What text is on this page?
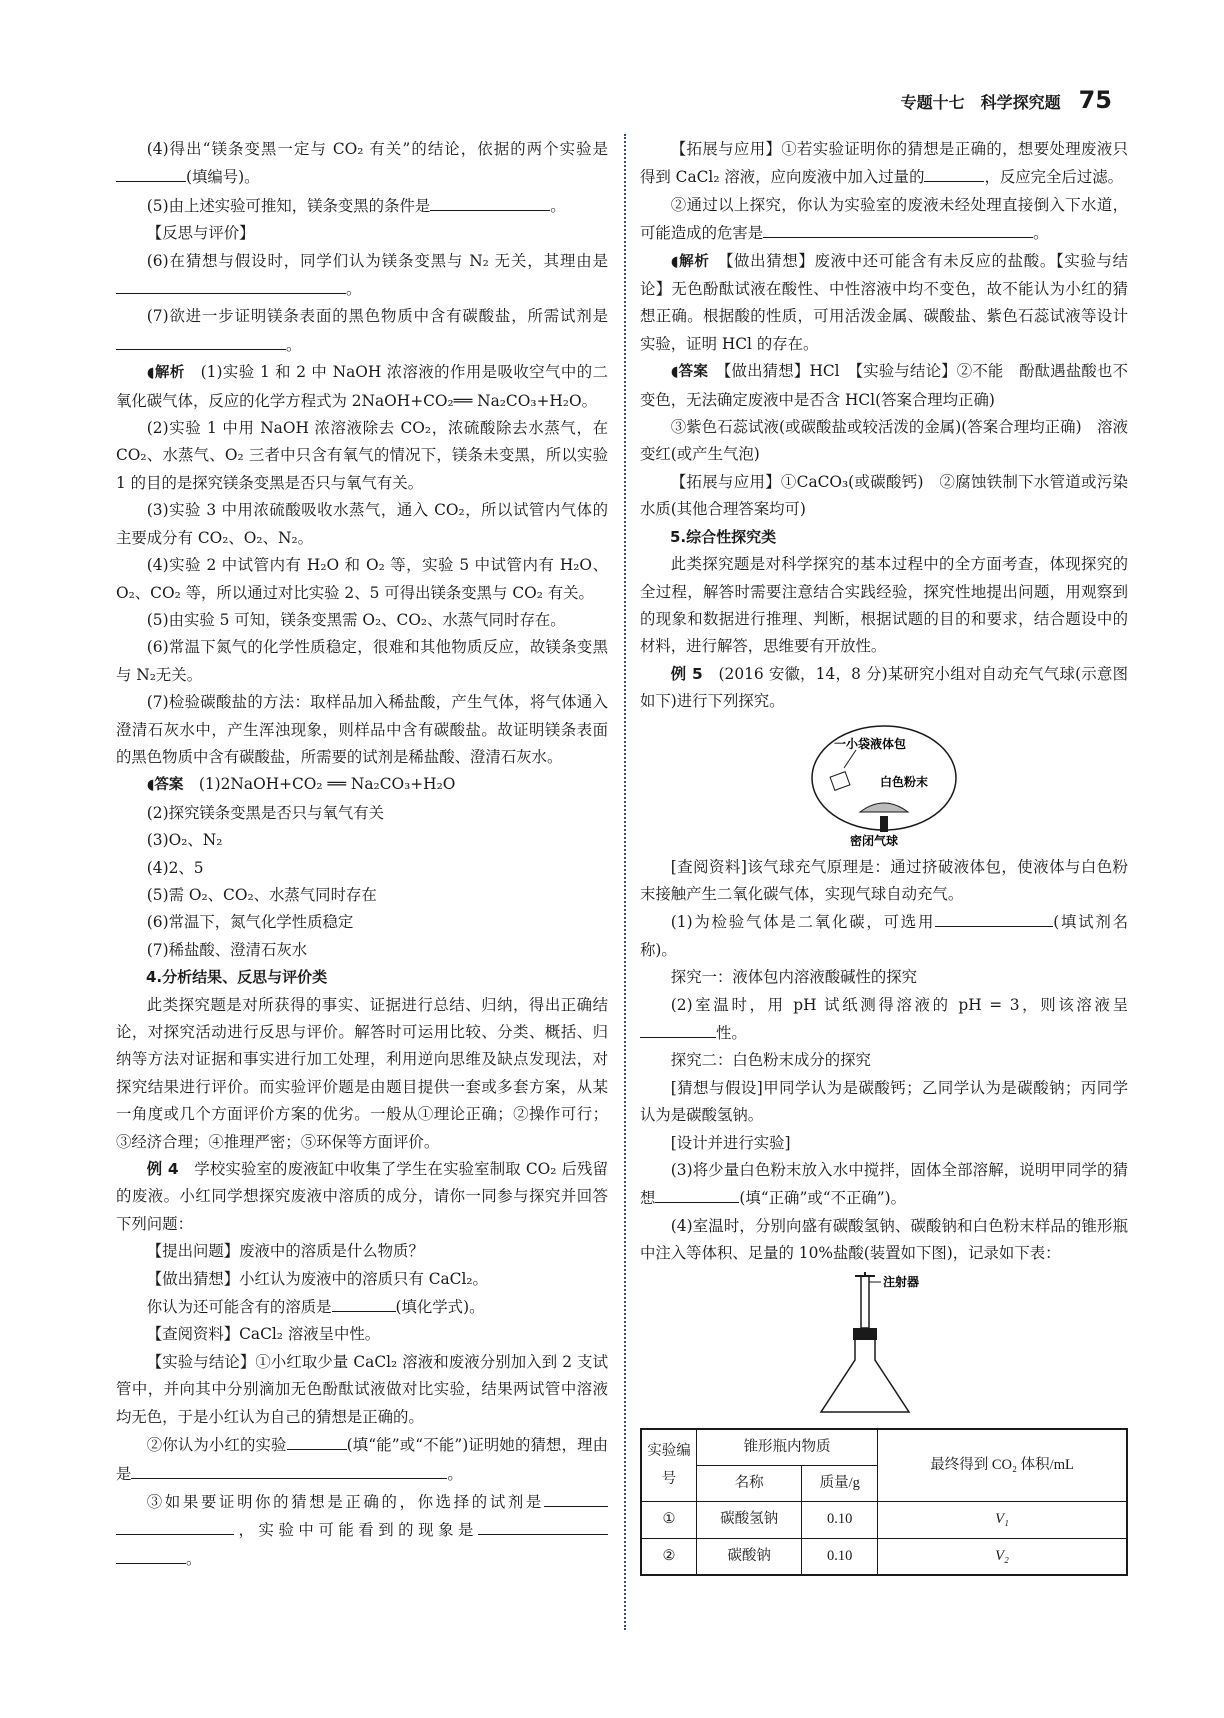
专题十七　科学探究题 75

(4)得出“镁条变黑一定与 CO₂ 有关”的结论，依据的两个实验是(填编号)。

(5)由上述实验可推知，镁条变黑的条件是	。

【反思与评价】

(6)在猜想与假设时，同学们认为镁条变黑与 N₂ 无关，其理由是。

(7)欲进一步证明镁条表面的黑色物质中含有碳酸盐，所需试剂是。

◖解析　 (1)实验 1 和 2 中 NaOH 浓溶液的作用是吸收空气中的二氧化碳气体，反应的化学方程式为 2NaOH+CO₂══ Na₂CO₃+H₂O。

(2)实验 1 中用 NaOH 浓溶液除去 CO₂，浓硫酸除去水蒸气，在 CO₂、水蒸气、O₂ 三者中只含有氧气的情况下，镁条未变黑，所以实验 1 的目的是探究镁条变黑是否只与氧气有关。

(3)实验 3 中用浓硫酸吸收水蒸气，通入 CO₂，所以试管内气体的主要成分有 CO₂、O₂、N₂。

(4)实验 2 中试管内有 H₂O 和 O₂ 等，实验 5 中试管内有 H₂O、O₂、CO₂ 等，所以通过对比实验 2、5 可得出镁条变黑与 CO₂ 有关。

(5)由实验 5 可知，镁条变黑需 O₂、CO₂、水蒸气同时存在。

(6)常温下氮气的化学性质稳定，很难和其他物质反应，故镁条变黑与 N₂无关。

(7)检验碳酸盐的方法：取样品加入稀盐酸，产生气体，将气体通入澄清石灰水中，产生浑浊现象，则样品中含有碳酸盐。故证明镁条表面的黑色物质中含有碳酸盐，所需要的试剂是稀盐酸、澄清石灰水。

◖答案　 (1)2NaOH+CO₂ ══ Na₂CO₃+H₂O

(2)探究镁条变黑是否只与氧气有关

(3)O₂、N₂

(4)2、5

(5)需 O₂、CO₂、水蒸气同时存在

(6)常温下，氮气化学性质稳定

(7)稀盐酸、澄清石灰水

4.分析结果、反思与评价类

此类探究题是对所获得的事实、证据进行总结、归纳，得出正确结论，对探究活动进行反思与评价。解答时可运用比较、分类、概括、归纳等方法对证据和事实进行加工处理，利用逆向思维及缺点发现法，对探究结果进行评价。而实验评价题是由题目提供一套或多套方案，从某一角度或几个方面评价方案的优劣。一般从①理论正确；②操作可行；③经济合理；④推理严密；⑤环保等方面评价。

例 4　 学校实验室的废液缸中收集了学生在实验室制取 CO₂ 后残留的废液。小红同学想探究废液中溶质的成分，请你一同参与探究并回答下列问题：

【提出问题】废液中的溶质是什么物质？

【做出猜想】小红认为废液中的溶质只有 CaCl₂。

你认为还可能含有的溶质是	(填化学式)。

【查阅资料】CaCl₂ 溶液呈中性。

【实验与结论】①小红取少量 CaCl₂ 溶液和废液分别加入到 2 支试管中，并向其中分别滴加无色酚酞试液做对比实验，结果两试管中溶液均无色，于是小红认为自己的猜想是正确的。

②你认为小红的实验	(填“能”或“不能”)证明她的猜想，理由是	。

③如果要证明你的猜想是正确的，你选择的试剂是，实验中可能看到的现象是。

【拓展与应用】①若实验证明你的猜想是正确的，想要处理废液只得到 CaCl₂ 溶液，应向废液中加入过量的	，反应完全后过滤。

②通过以上探究，你认为实验室的废液未经处理直接倒入下水道，可能造成的危害是	。

◖解析　 【做出猜想】废液中还可能含有未反应的盐酸。【实验与结论】无色酚酞试液在酸性、中性溶液中均不变色，故不能认为小红的猜想正确。根据酸的性质，可用活泼金属、碳酸盐、紫色石蕊试液等设计实验，证明 HCl 的存在。

◖答案　 【做出猜想】HCl　【实验与结论】②不能　酚酞遇盐酸也不变色，无法确定废液中是否含 HCl(答案合理均正确)

③紫色石蕊试液(或碳酸盐或较活泼的金属)(答案合理均正确)　溶液变红(或产生气泡)

【拓展与应用】①CaCO₃(或碳酸钙)　②腐蚀铁制下水管道或污染水质(其他合理答案均可)

5.综合性探究类

此类探究题是对科学探究的基本过程中的全方面考查，体现探究的全过程，解答时需要注意结合实践经验，探究性地提出问题，用观察到的现象和数据进行推理、判断，根据试题的目的和要求，结合题设中的材料，进行解答，思维要有开放性。

例 5　 (2016 安徽，14，8 分)某研究小组对自动充气气球(示意图如下)进行下列探究。

一小袋液体包
白色粉末
密闭气球

[查阅资料]该气球充气原理是：通过挤破液体包，使液体与白色粉末接触产生二氧化碳气体，实现气球自动充气。

(1)为检验气体是二氧化碳，可选用	(填试剂名称)。

探究一：液体包内溶液酸碱性的探究

(2)室温时，用 pH 试纸测得溶液的 pH = 3，则该溶液呈性。

探究二：白色粉末成分的探究

[猜想与假设]甲同学认为是碳酸钙；乙同学认为是碳酸钠；丙同学认为是碳酸氢钠。

[设计并进行实验]

(3)将少量白色粉末放入水中搅拌，固体全部溶解，说明甲同学的猜想	(填“正确”或“不正确”)。

(4)室温时，分别向盛有碳酸氢钠、碳酸钠和白色粉末样品的锥形瓶中注入等体积、足量的 10%盐酸(装置如下图)，记录如下表：

注射器
实验编号	锥形瓶内物质		最终得到 CO₂ 体积/mL
	名称	质量/g	
①	碳酸氢钠	0.10	V₁
②	碳酸钠	0.10	V₂
